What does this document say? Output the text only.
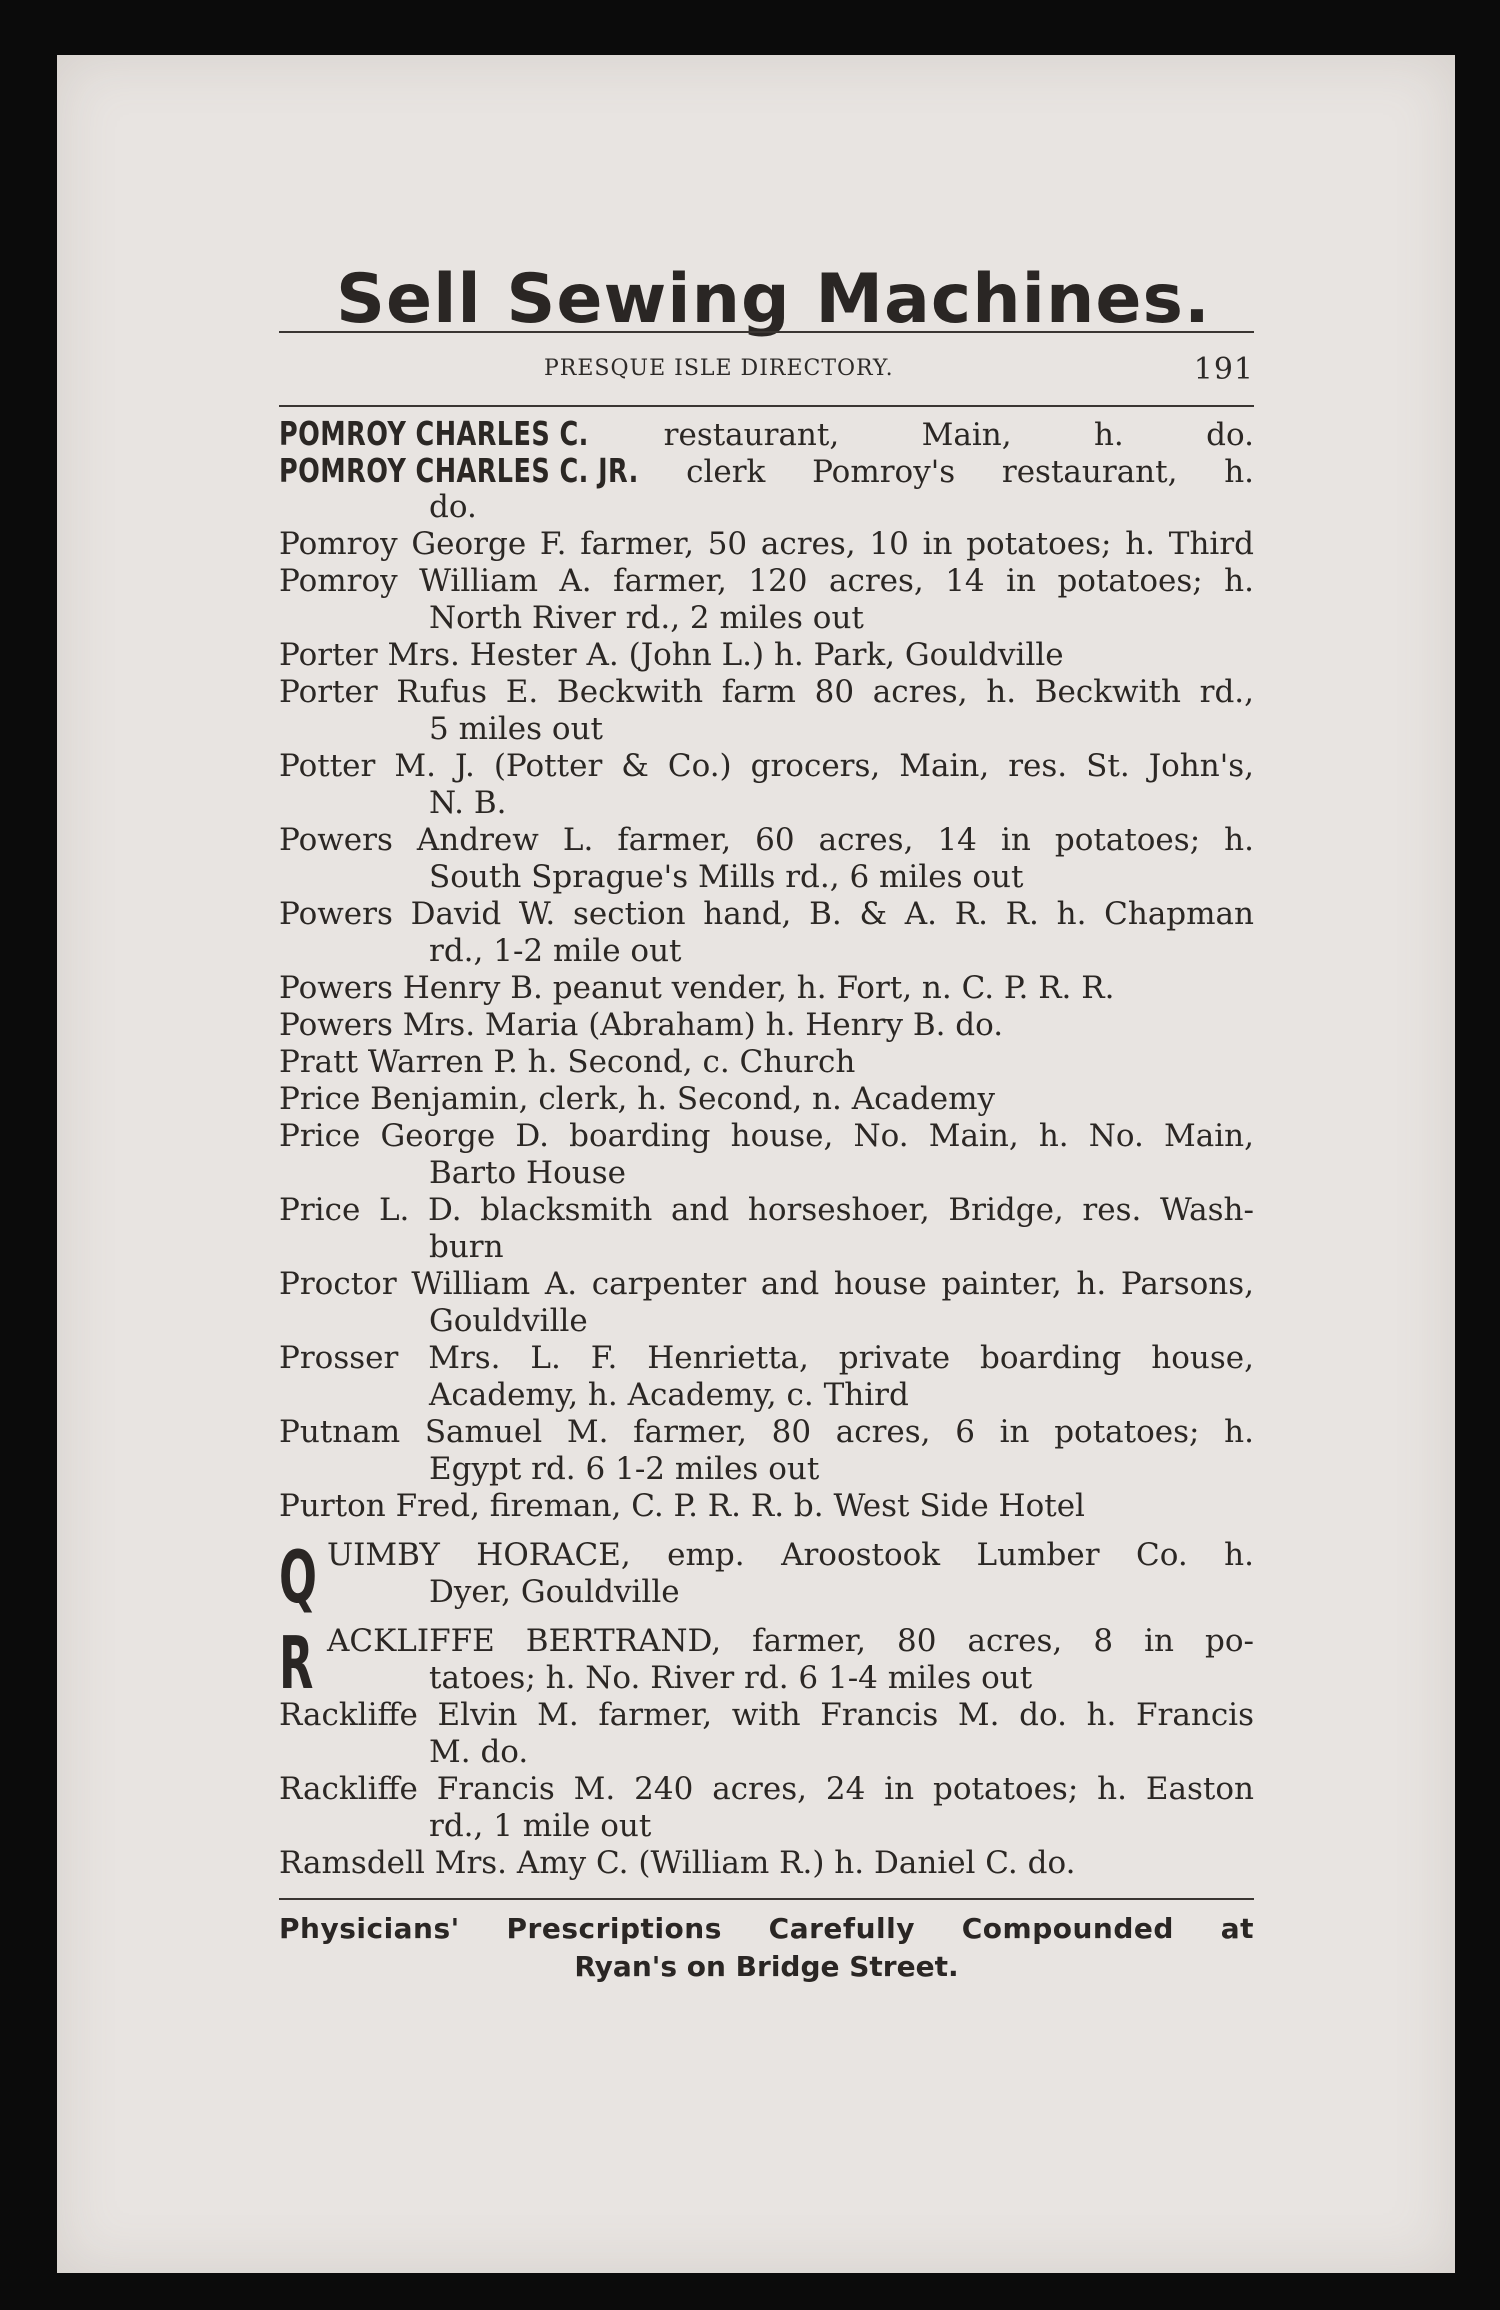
Sell Sewing Machines.
PRESQUE ISLE DIRECTORY.	191
POMROY CHARLES C. restaurant, Main, h. do.
POMROY CHARLES C. JR. clerk Pomroy's restaurant, h.
do.
Pomroy George F. farmer, 50 acres, 10 in potatoes; h. Third
Pomroy William A. farmer, 120 acres, 14 in potatoes; h.
North River rd., 2 miles out
Porter Mrs. Hester A. (John L.) h. Park, Gouldville
Porter Rufus E. Beckwith farm 80 acres, h. Beckwith rd.,
5 miles out
Potter M. J. (Potter & Co.) grocers, Main, res. St. John's,
N. B.
Powers Andrew L. farmer, 60 acres, 14 in potatoes; h.
South Sprague's Mills rd., 6 miles out
Powers David W. section hand, B. & A. R. R. h. Chapman
rd., 1-2 mile out
Powers Henry B. peanut vender, h. Fort, n. C. P. R. R.
Powers Mrs. Maria (Abraham) h. Henry B. do.
Pratt Warren P. h. Second, c. Church
Price Benjamin, clerk, h. Second, n. Academy
Price George D. boarding house, No. Main, h. No. Main,
Barto House
Price L. D. blacksmith and horseshoer, Bridge, res. Wash-
burn
Proctor William A. carpenter and house painter, h. Parsons,
Gouldville
Prosser Mrs. L. F. Henrietta, private boarding house,
Academy, h. Academy, c. Third
Putnam Samuel M. farmer, 80 acres, 6 in potatoes; h.
Egypt rd. 6 1-2 miles out
Purton Fred, fireman, C. P. R. R. b. West Side Hotel
Q UIMBY HORACE, emp. Aroostook Lumber Co. h.
Dyer, Gouldville
R ACKLIFFE BERTRAND, farmer, 80 acres, 8 in po-
tatoes; h. No. River rd. 6 1-4 miles out
Rackliffe Elvin M. farmer, with Francis M. do. h. Francis
M. do.
Rackliffe Francis M. 240 acres, 24 in potatoes; h. Easton
rd., 1 mile out
Ramsdell Mrs. Amy C. (William R.) h. Daniel C. do.
Physicians' Prescriptions Carefully Compounded at
Ryan's on Bridge Street.
